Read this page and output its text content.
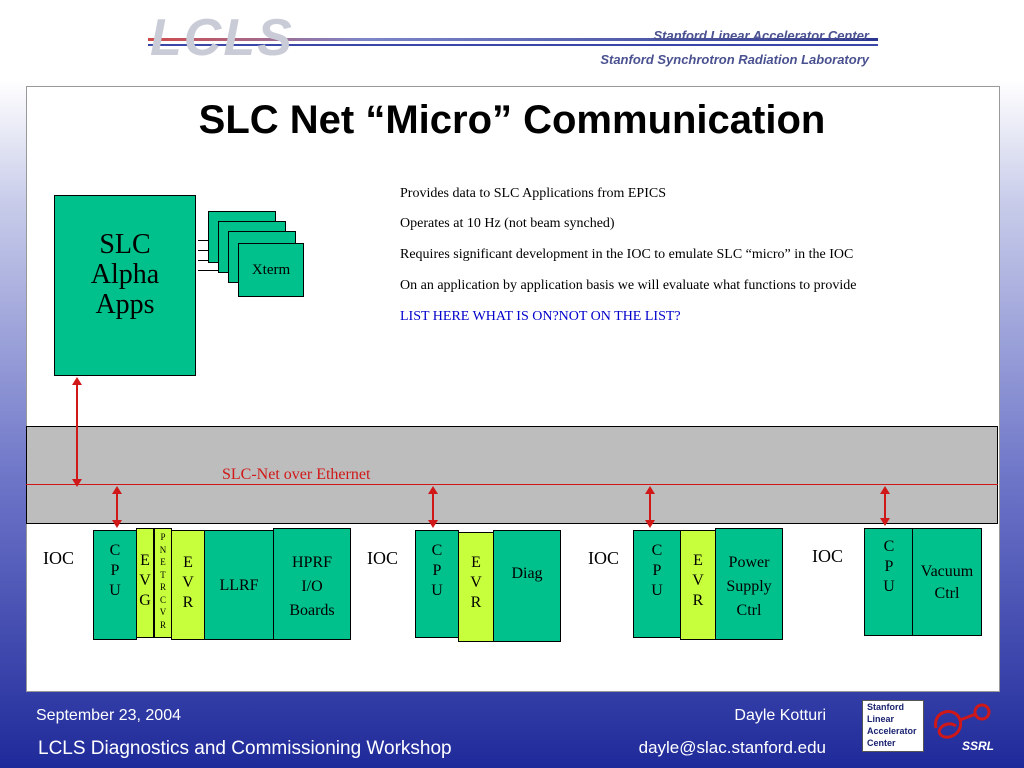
LCLS	Stanford Linear Accelerator Center
Stanford Synchrotron Radiation Laboratory
SLC Net “Micro” Communication
Provides data to SLC Applications from EPICS
Operates at 10 Hz (not beam synched)
Requires significant development in the IOC to emulate SLC “micro” in the IOC
On an application by application basis we will evaluate what functions to provide
LIST HERE WHAT IS ON?NOT ON THE LIST?
SLC
Alpha
Apps
Xterm
SLC-Net over Ethernet
IOC	C
P
U
E
V
G
P
N
E
T
R
C
V
R
E
V
R
LLRF
HPRF
I/O
Boards
IOC	C
P
U
E
V
R
Diag
IOC	C
P
U
E
V
R
Power
Supply
Ctrl
IOC	C
P
U
Vacuum
Ctrl
September 23, 2004
LCLS Diagnostics and Commissioning Workshop
Dayle Kotturi
dayle@slac.stanford.edu
Stanford
Linear
Accelerator
Center	SSRL
